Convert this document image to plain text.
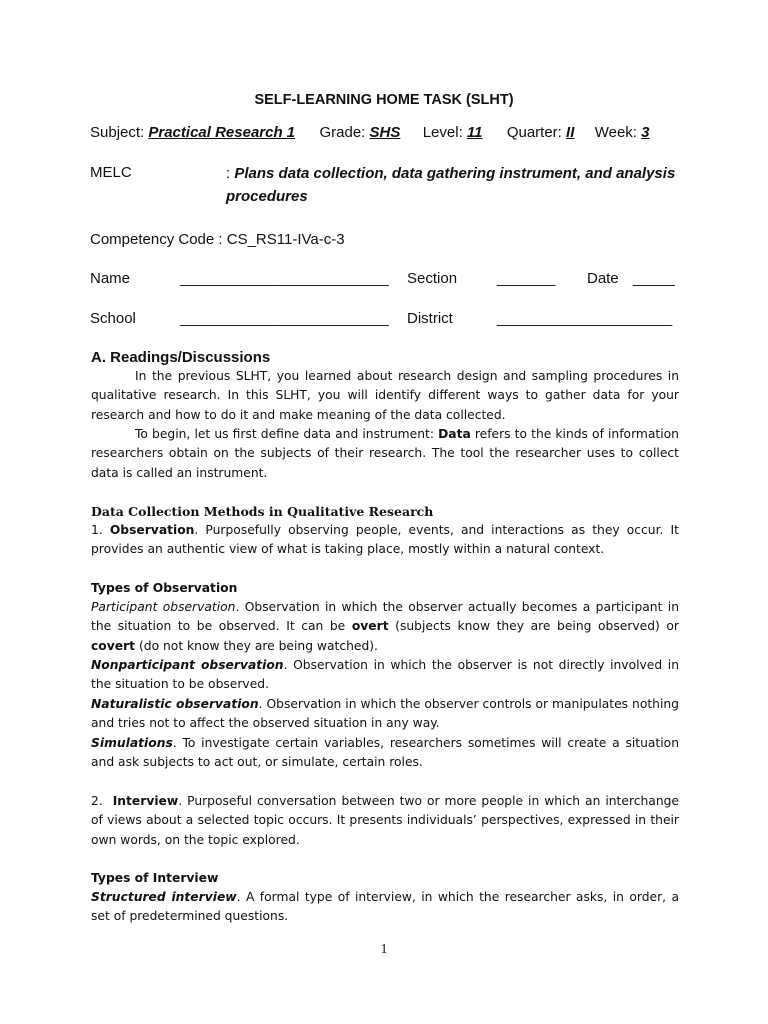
SELF-LEARNING HOME TASK (SLHT)
Subject: Practical Research 1 Grade: SHS Level: 11 Quarter: II Week: 3
MELC	: Plans data collection, data gathering instrument, and analysis procedures
Competency Code : CS_RS11-IVa-c-3
Name	_________________________ Section	_______ Date _____
School	_________________________ District	_____________________
A. Readings/Discussions
In the previous SLHT, you learned about research design and sampling procedures in qualitative research. In this SLHT, you will identify different ways to gather data for your research and how to do it and make meaning of the data collected.
To begin, let us first define data and instrument: Data refers to the kinds of information researchers obtain on the subjects of their research. The tool the researcher uses to collect data is called an instrument.
Data Collection Methods in Qualitative Research
1. Observation. Purposefully observing people, events, and interactions as they occur. It provides an authentic view of what is taking place, mostly within a natural context.
Types of Observation
Participant observation. Observation in which the observer actually becomes a participant in the situation to be observed. It can be overt (subjects know they are being observed) or covert (do not know they are being watched).
Nonparticipant observation. Observation in which the observer is not directly involved in the situation to be observed.
Naturalistic observation. Observation in which the observer controls or manipulates nothing and tries not to affect the observed situation in any way.
Simulations. To investigate certain variables, researchers sometimes will create a situation and ask subjects to act out, or simulate, certain roles.
2. Interview. Purposeful conversation between two or more people in which an interchange of views about a selected topic occurs. It presents individuals’ perspectives, expressed in their own words, on the topic explored.
Types of Interview
Structured interview. A formal type of interview, in which the researcher asks, in order, a set of predetermined questions.
1
